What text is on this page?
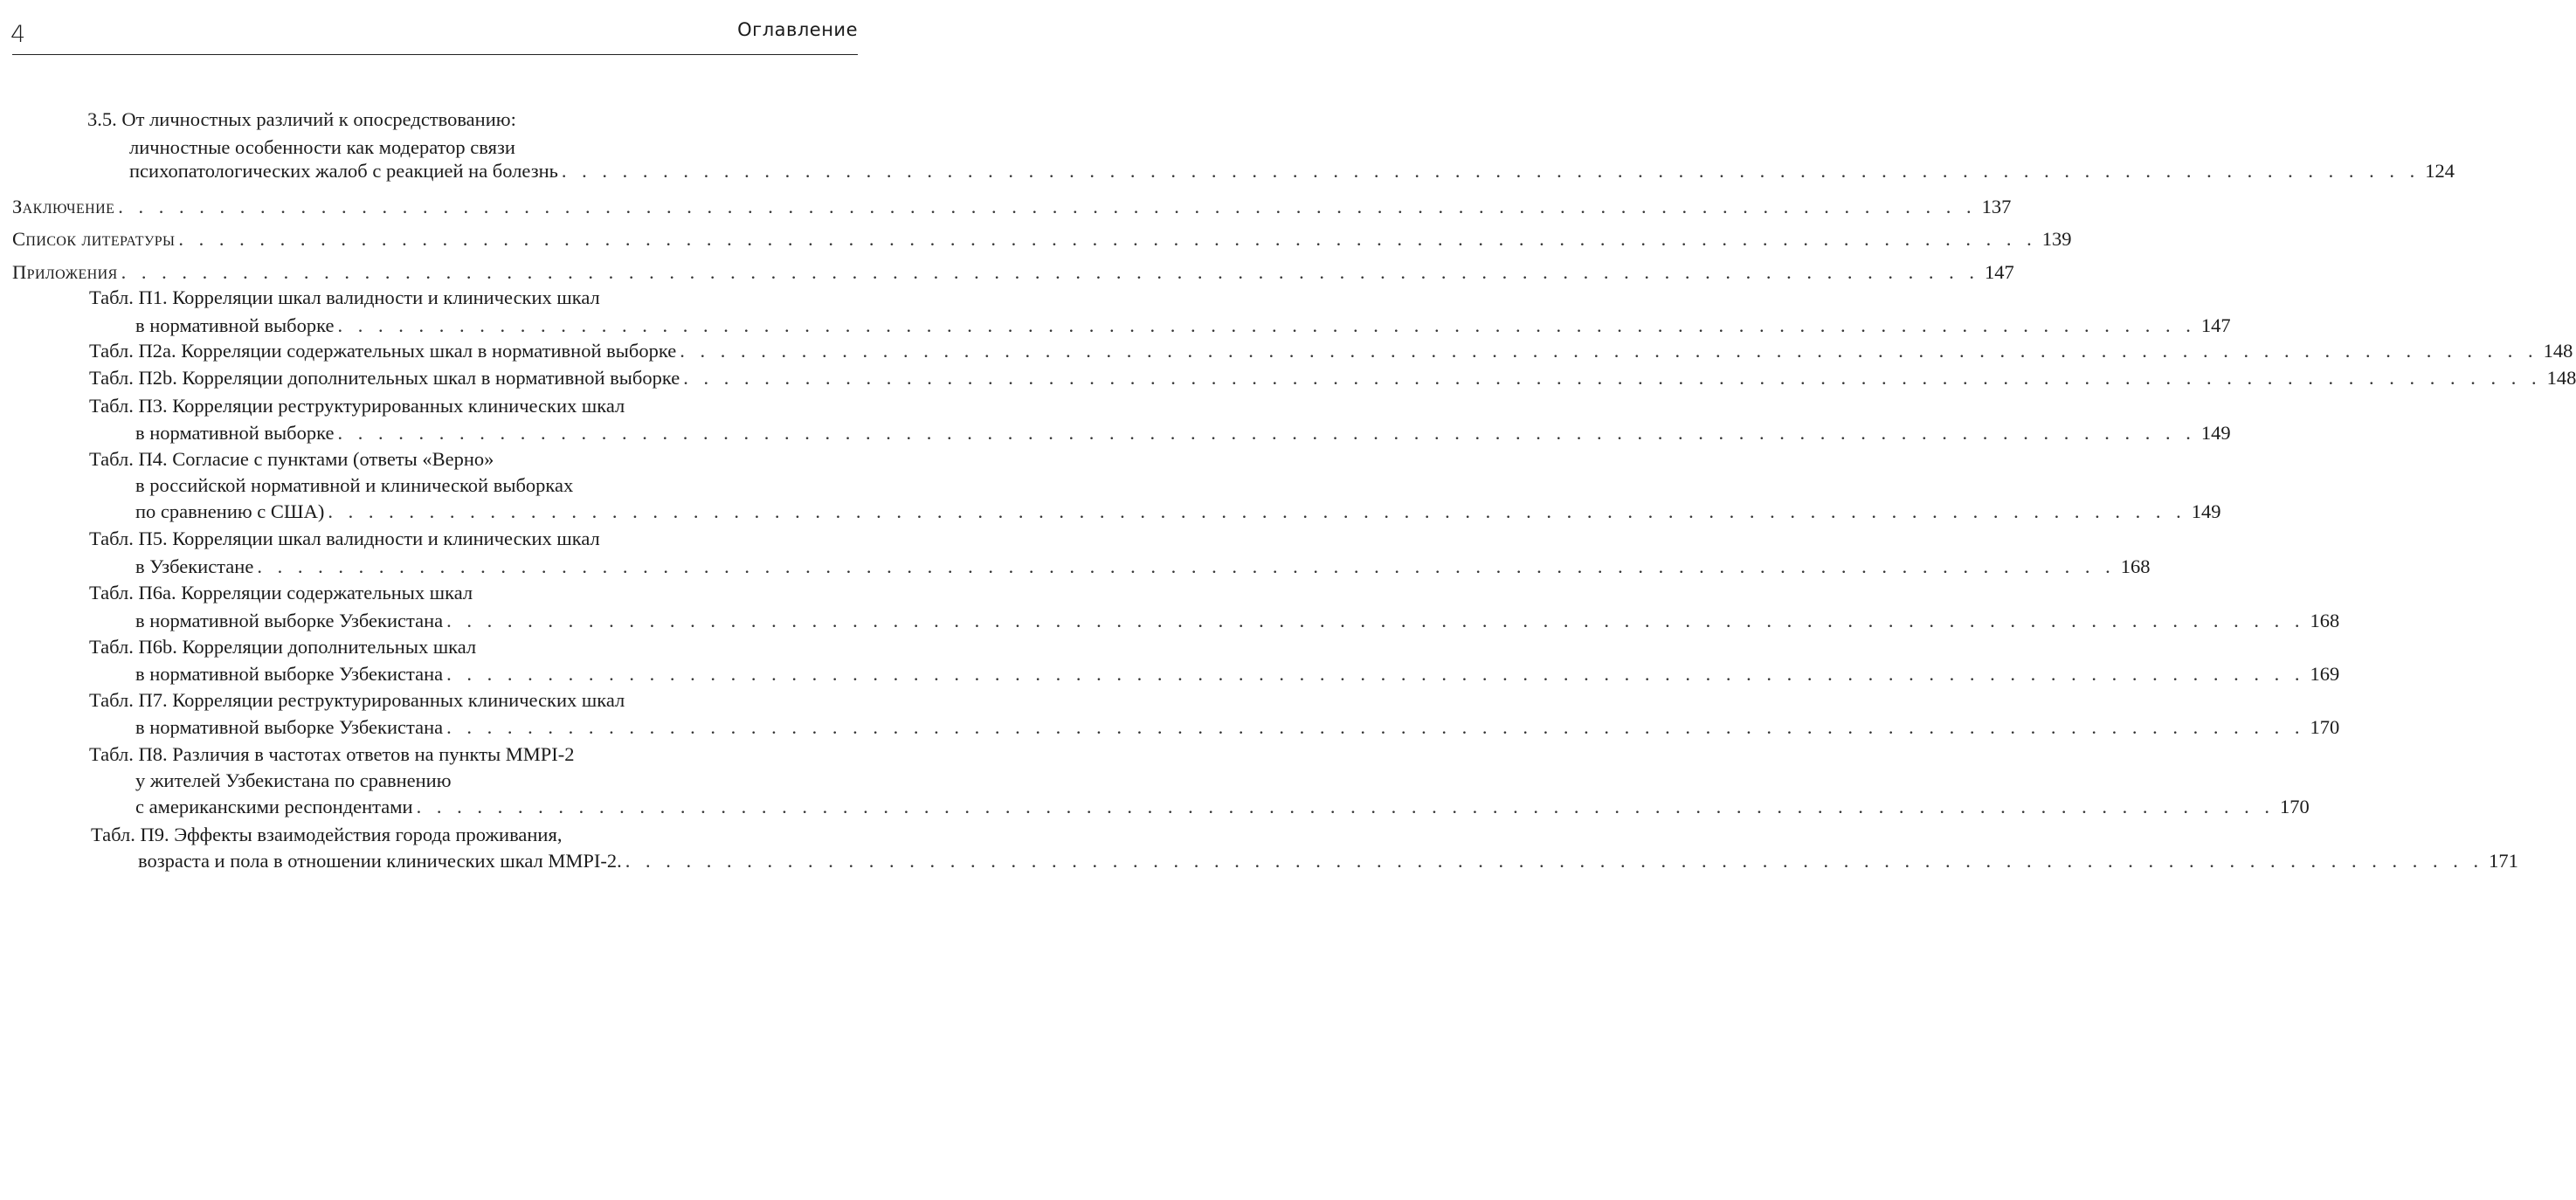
4	Оглавление
3.5. От личностных различий к опосредствованию:
личностные особенности как модератор связи
психопатологических жалоб с реакцией на болезнь . . . . . . . . . . . . . . . . . . . . . . . . . . . . . . . . . . . . . . . . . . . . . . . . . . . . . . . . . . . . . . . . . . . . . . . . . . . . . . . . . . . . . . . . . . . . 124
Заключение . . . . . . . . . . . . . . . . . . . . . . . . . . . . . . . . . . . . . . . . . . . . . . . . . . . . . . . . . . . . . . . . . . . . . . . . . . . . . . . . . . . . . . . . . . . . 137
Список литературы . . . . . . . . . . . . . . . . . . . . . . . . . . . . . . . . . . . . . . . . . . . . . . . . . . . . . . . . . . . . . . . . . . . . . . . . . . . . . . . . . . . . . . . . . . . . 139
Приложения . . . . . . . . . . . . . . . . . . . . . . . . . . . . . . . . . . . . . . . . . . . . . . . . . . . . . . . . . . . . . . . . . . . . . . . . . . . . . . . . . . . . . . . . . . . . 147
Табл. П1. Корреляции шкал валидности и клинических шкал
в нормативной выборке . . . . . . . . . . . . . . . . . . . . . . . . . . . . . . . . . . . . . . . . . . . . . . . . . . . . . . . . . . . . . . . . . . . . . . . . . . . . . . . . . . . . . . . . . . . . 147
Табл. П2а. Корреляции содержательных шкал в нормативной выборке . . . . . . . . . . . . . . . . . . . . . . . . . . . . . . . . . . . . . . . . . . . . . . . . . . . . . . . . . . . . . . . . . . . . . . . . . . . . . . . . . . . . . . . . . . . . 148
Табл. П2b. Корреляции дополнительных шкал в нормативной выборке . . . . . . . . . . . . . . . . . . . . . . . . . . . . . . . . . . . . . . . . . . . . . . . . . . . . . . . . . . . . . . . . . . . . . . . . . . . . . . . . . . . . . . . . . . . . 148
Табл. П3. Корреляции реструктурированных клинических шкал
в нормативной выборке . . . . . . . . . . . . . . . . . . . . . . . . . . . . . . . . . . . . . . . . . . . . . . . . . . . . . . . . . . . . . . . . . . . . . . . . . . . . . . . . . . . . . . . . . . . . 149
Табл. П4. Согласие с пунктами (ответы «Верно»
в российской нормативной и клинической выборках
по сравнению с США) . . . . . . . . . . . . . . . . . . . . . . . . . . . . . . . . . . . . . . . . . . . . . . . . . . . . . . . . . . . . . . . . . . . . . . . . . . . . . . . . . . . . . . . . . . . . 149
Табл. П5. Корреляции шкал валидности и клинических шкал
в Узбекистане . . . . . . . . . . . . . . . . . . . . . . . . . . . . . . . . . . . . . . . . . . . . . . . . . . . . . . . . . . . . . . . . . . . . . . . . . . . . . . . . . . . . . . . . . . . . 168
Табл. П6а. Корреляции содержательных шкал
в нормативной выборке Узбекистана . . . . . . . . . . . . . . . . . . . . . . . . . . . . . . . . . . . . . . . . . . . . . . . . . . . . . . . . . . . . . . . . . . . . . . . . . . . . . . . . . . . . . . . . . . . . 168
Табл. П6b. Корреляции дополнительных шкал
в нормативной выборке Узбекистана . . . . . . . . . . . . . . . . . . . . . . . . . . . . . . . . . . . . . . . . . . . . . . . . . . . . . . . . . . . . . . . . . . . . . . . . . . . . . . . . . . . . . . . . . . . . 169
Табл. П7. Корреляции реструктурированных клинических шкал
в нормативной выборке Узбекистана . . . . . . . . . . . . . . . . . . . . . . . . . . . . . . . . . . . . . . . . . . . . . . . . . . . . . . . . . . . . . . . . . . . . . . . . . . . . . . . . . . . . . . . . . . . . 170
Табл. П8. Различия в частотах ответов на пункты MMPI-2
у жителей Узбекистана по сравнению
с американскими респондентами . . . . . . . . . . . . . . . . . . . . . . . . . . . . . . . . . . . . . . . . . . . . . . . . . . . . . . . . . . . . . . . . . . . . . . . . . . . . . . . . . . . . . . . . . . . . 170
Табл. П9. Эффекты взаимодействия города проживания,
возраста и пола в отношении клинических шкал MMPI-2. . . . . . . . . . . . . . . . . . . . . . . . . . . . . . . . . . . . . . . . . . . . . . . . . . . . . . . . . . . . . . . . . . . . . . . . . . . . . . . . . . . . . . . . . . . . . 171
